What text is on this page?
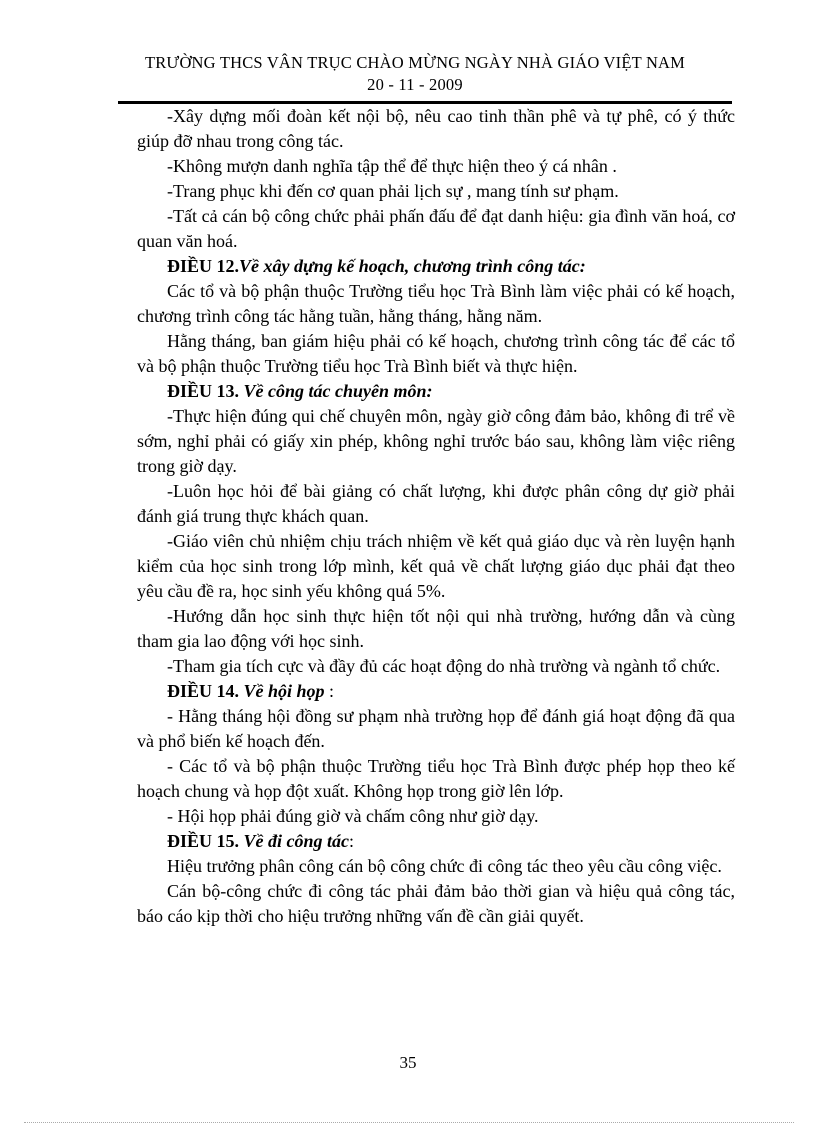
TRƯỜNG THCS VÂN TRỤC CHÀO MỪNG NGÀY NHÀ GIÁO VIỆT NAM
20 - 11 - 2009

-Xây dựng mối đoàn kết nội bộ, nêu cao tinh thần phê và tự phê, có ý thức giúp đỡ nhau trong công tác.

-Không mượn danh nghĩa tập thể để thực hiện theo ý cá nhân .

-Trang phục khi đến cơ quan phải lịch sự , mang tính sư phạm.

-Tất cả cán bộ công chức phải phấn đấu để đạt danh hiệu: gia đình văn hoá, cơ quan văn hoá.

ĐIỀU 12.Về xây dựng kế hoạch, chương trình công tác:

Các tổ và bộ phận thuộc Trường tiểu học Trà Bình làm việc phải có kế hoạch, chương trình công tác hằng tuần, hằng tháng, hằng năm.

Hằng tháng, ban giám hiệu phải có kế hoạch, chương trình công tác để các tổ và bộ phận thuộc Trường tiểu học Trà Bình biết và thực hiện.

ĐIỀU 13. Về công tác chuyên môn:

-Thực hiện đúng qui chế chuyên môn, ngày giờ công đảm bảo, không đi trể về sớm, nghỉ phải có giấy xin phép, không nghỉ trước báo sau, không làm việc riêng trong giờ dạy.

-Luôn học hỏi để bài giảng có chất lượng, khi được phân công dự giờ phải đánh giá trung thực khách quan.

-Giáo viên chủ nhiệm chịu trách nhiệm về kết quả giáo dục và rèn luyện hạnh kiểm của học sinh trong lớp mình, kết quả về chất lượng giáo dục phải đạt theo yêu cầu đề ra, học sinh yếu không quá 5%.

-Hướng dẫn học sinh thực hiện tốt nội qui nhà trường, hướng dẫn và cùng tham gia lao động với học sinh.

-Tham gia tích cực và đầy đủ các hoạt động do nhà trường và ngành tổ chức.

ĐIỀU 14. Về hội họp :

- Hằng tháng hội đồng sư phạm nhà trường họp để đánh giá hoạt động đã qua và phổ biến kế hoạch đến.

- Các tổ và bộ phận thuộc Trường tiểu học Trà Bình được phép họp theo kế hoạch chung và họp đột xuất. Không họp trong giờ lên lớp.

- Hội họp phải đúng giờ và chấm công như giờ dạy.

ĐIỀU 15. Về đi công tác:

Hiệu trưởng phân công cán bộ công chức đi công tác theo yêu cầu công việc.

Cán bộ-công chức đi công tác phải đảm bảo thời gian và hiệu quả công tác, báo cáo kịp thời cho hiệu trưởng những vấn đề cần giải quyết.

35
